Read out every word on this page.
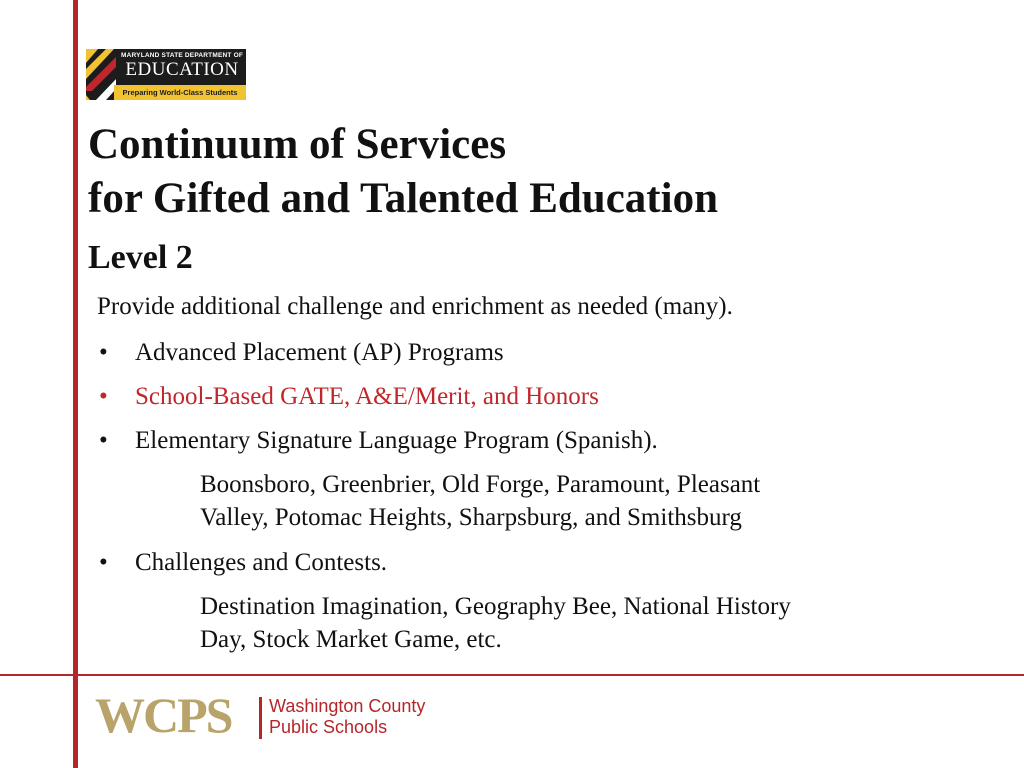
MARYLAND STATE DEPARTMENT OF
EDUCATION
Preparing World-Class Students
Continuum of Services
for Gifted and Talented Education
Level 2
Provide additional challenge and enrichment as needed (many).
• Advanced Placement (AP) Programs
• School-Based GATE, A&E/Merit, and Honors
• Elementary Signature Language Program (Spanish).
Boonsboro, Greenbrier, Old Forge, Paramount, Pleasant
Valley, Potomac Heights, Sharpsburg, and Smithsburg
• Challenges and Contests.
Destination Imagination, Geography Bee, National History
Day, Stock Market Game, etc.
WCPS Washington County
Public Schools
